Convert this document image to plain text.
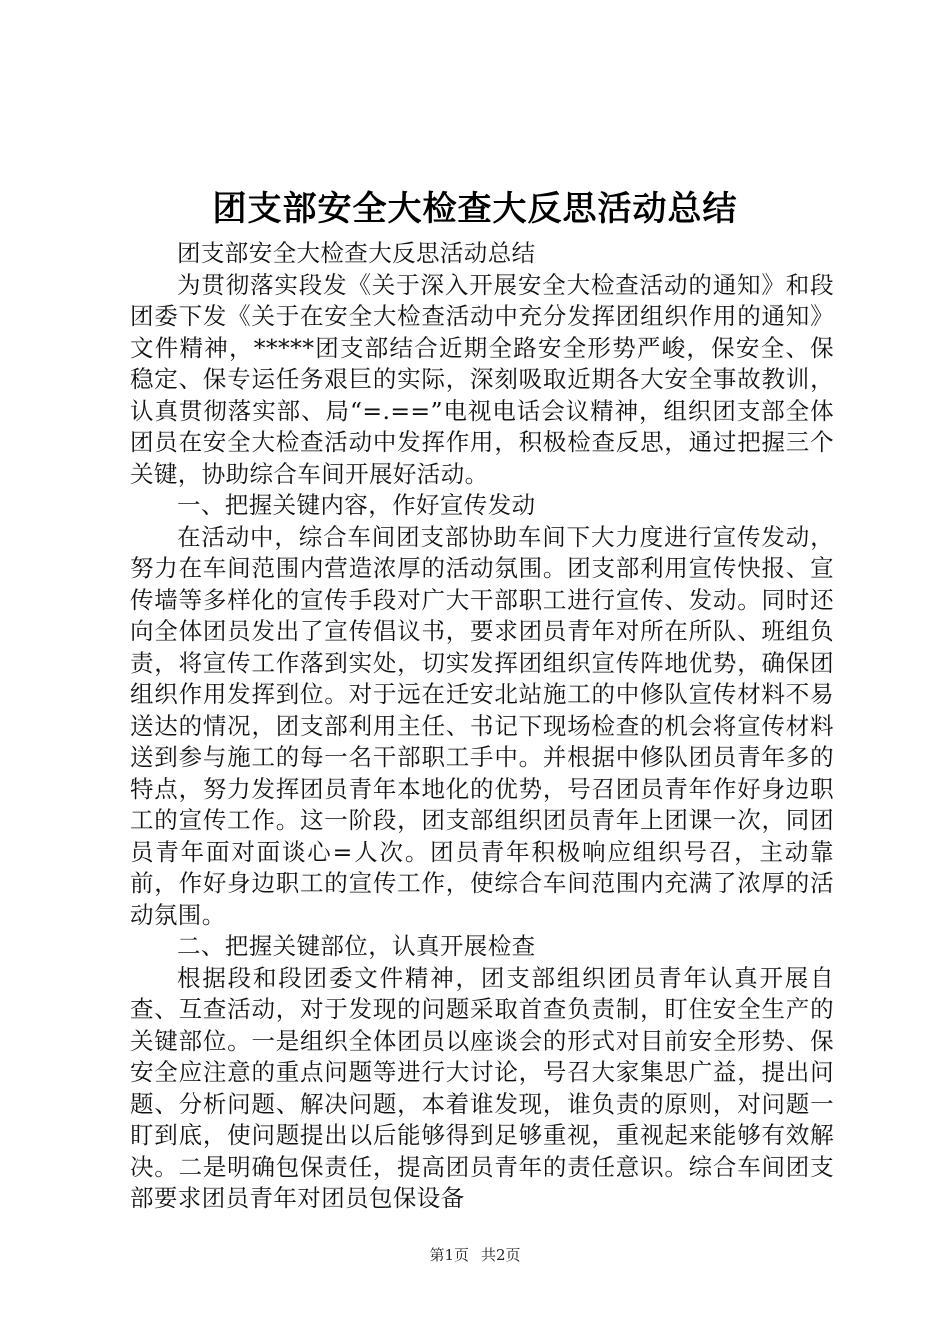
团支部安全大检查大反思活动总结

团支部安全大检查大反思活动总结

为贯彻落实段发《关于深入开展安全大检查活动的通知》和段团委下发《关于在安全大检查活动中充分发挥团组织作用的通知》文件精神，*****团支部结合近期全路安全形势严峻，保安全、保稳定、保专运任务艰巨的实际，深刻吸取近期各大安全事故教训，认真贯彻落实部、局“=.==”电视电话会议精神，组织团支部全体团员在安全大检查活动中发挥作用，积极检查反思，通过把握三个关键，协助综合车间开展好活动。

一、把握关键内容，作好宣传发动

在活动中，综合车间团支部协助车间下大力度进行宣传发动，努力在车间范围内营造浓厚的活动氛围。团支部利用宣传快报、宣传墙等多样化的宣传手段对广大干部职工进行宣传、发动。同时还向全体团员发出了宣传倡议书，要求团员青年对所在所队、班组负责，将宣传工作落到实处，切实发挥团组织宣传阵地优势，确保团组织作用发挥到位。对于远在迁安北站施工的中修队宣传材料不易送达的情况，团支部利用主任、书记下现场检查的机会将宣传材料送到参与施工的每一名干部职工手中。并根据中修队团员青年多的特点，努力发挥团员青年本地化的优势，号召团员青年作好身边职工的宣传工作。这一阶段，团支部组织团员青年上团课一次，同团员青年面对面谈心=人次。团员青年积极响应组织号召，主动靠前，作好身边职工的宣传工作，使综合车间范围内充满了浓厚的活动氛围。

二、把握关键部位，认真开展检查

根据段和段团委文件精神，团支部组织团员青年认真开展自查、互查活动，对于发现的问题采取首查负责制，盯住安全生产的关键部位。一是组织全体团员以座谈会的形式对目前安全形势、保安全应注意的重点问题等进行大讨论，号召大家集思广益，提出问题、分析问题、解决问题，本着谁发现，谁负责的原则，对问题一盯到底，使问题提出以后能够得到足够重视，重视起来能够有效解决。二是明确包保责任，提高团员青年的责任意识。综合车间团支部要求团员青年对团员包保设备

第1页 共2页
